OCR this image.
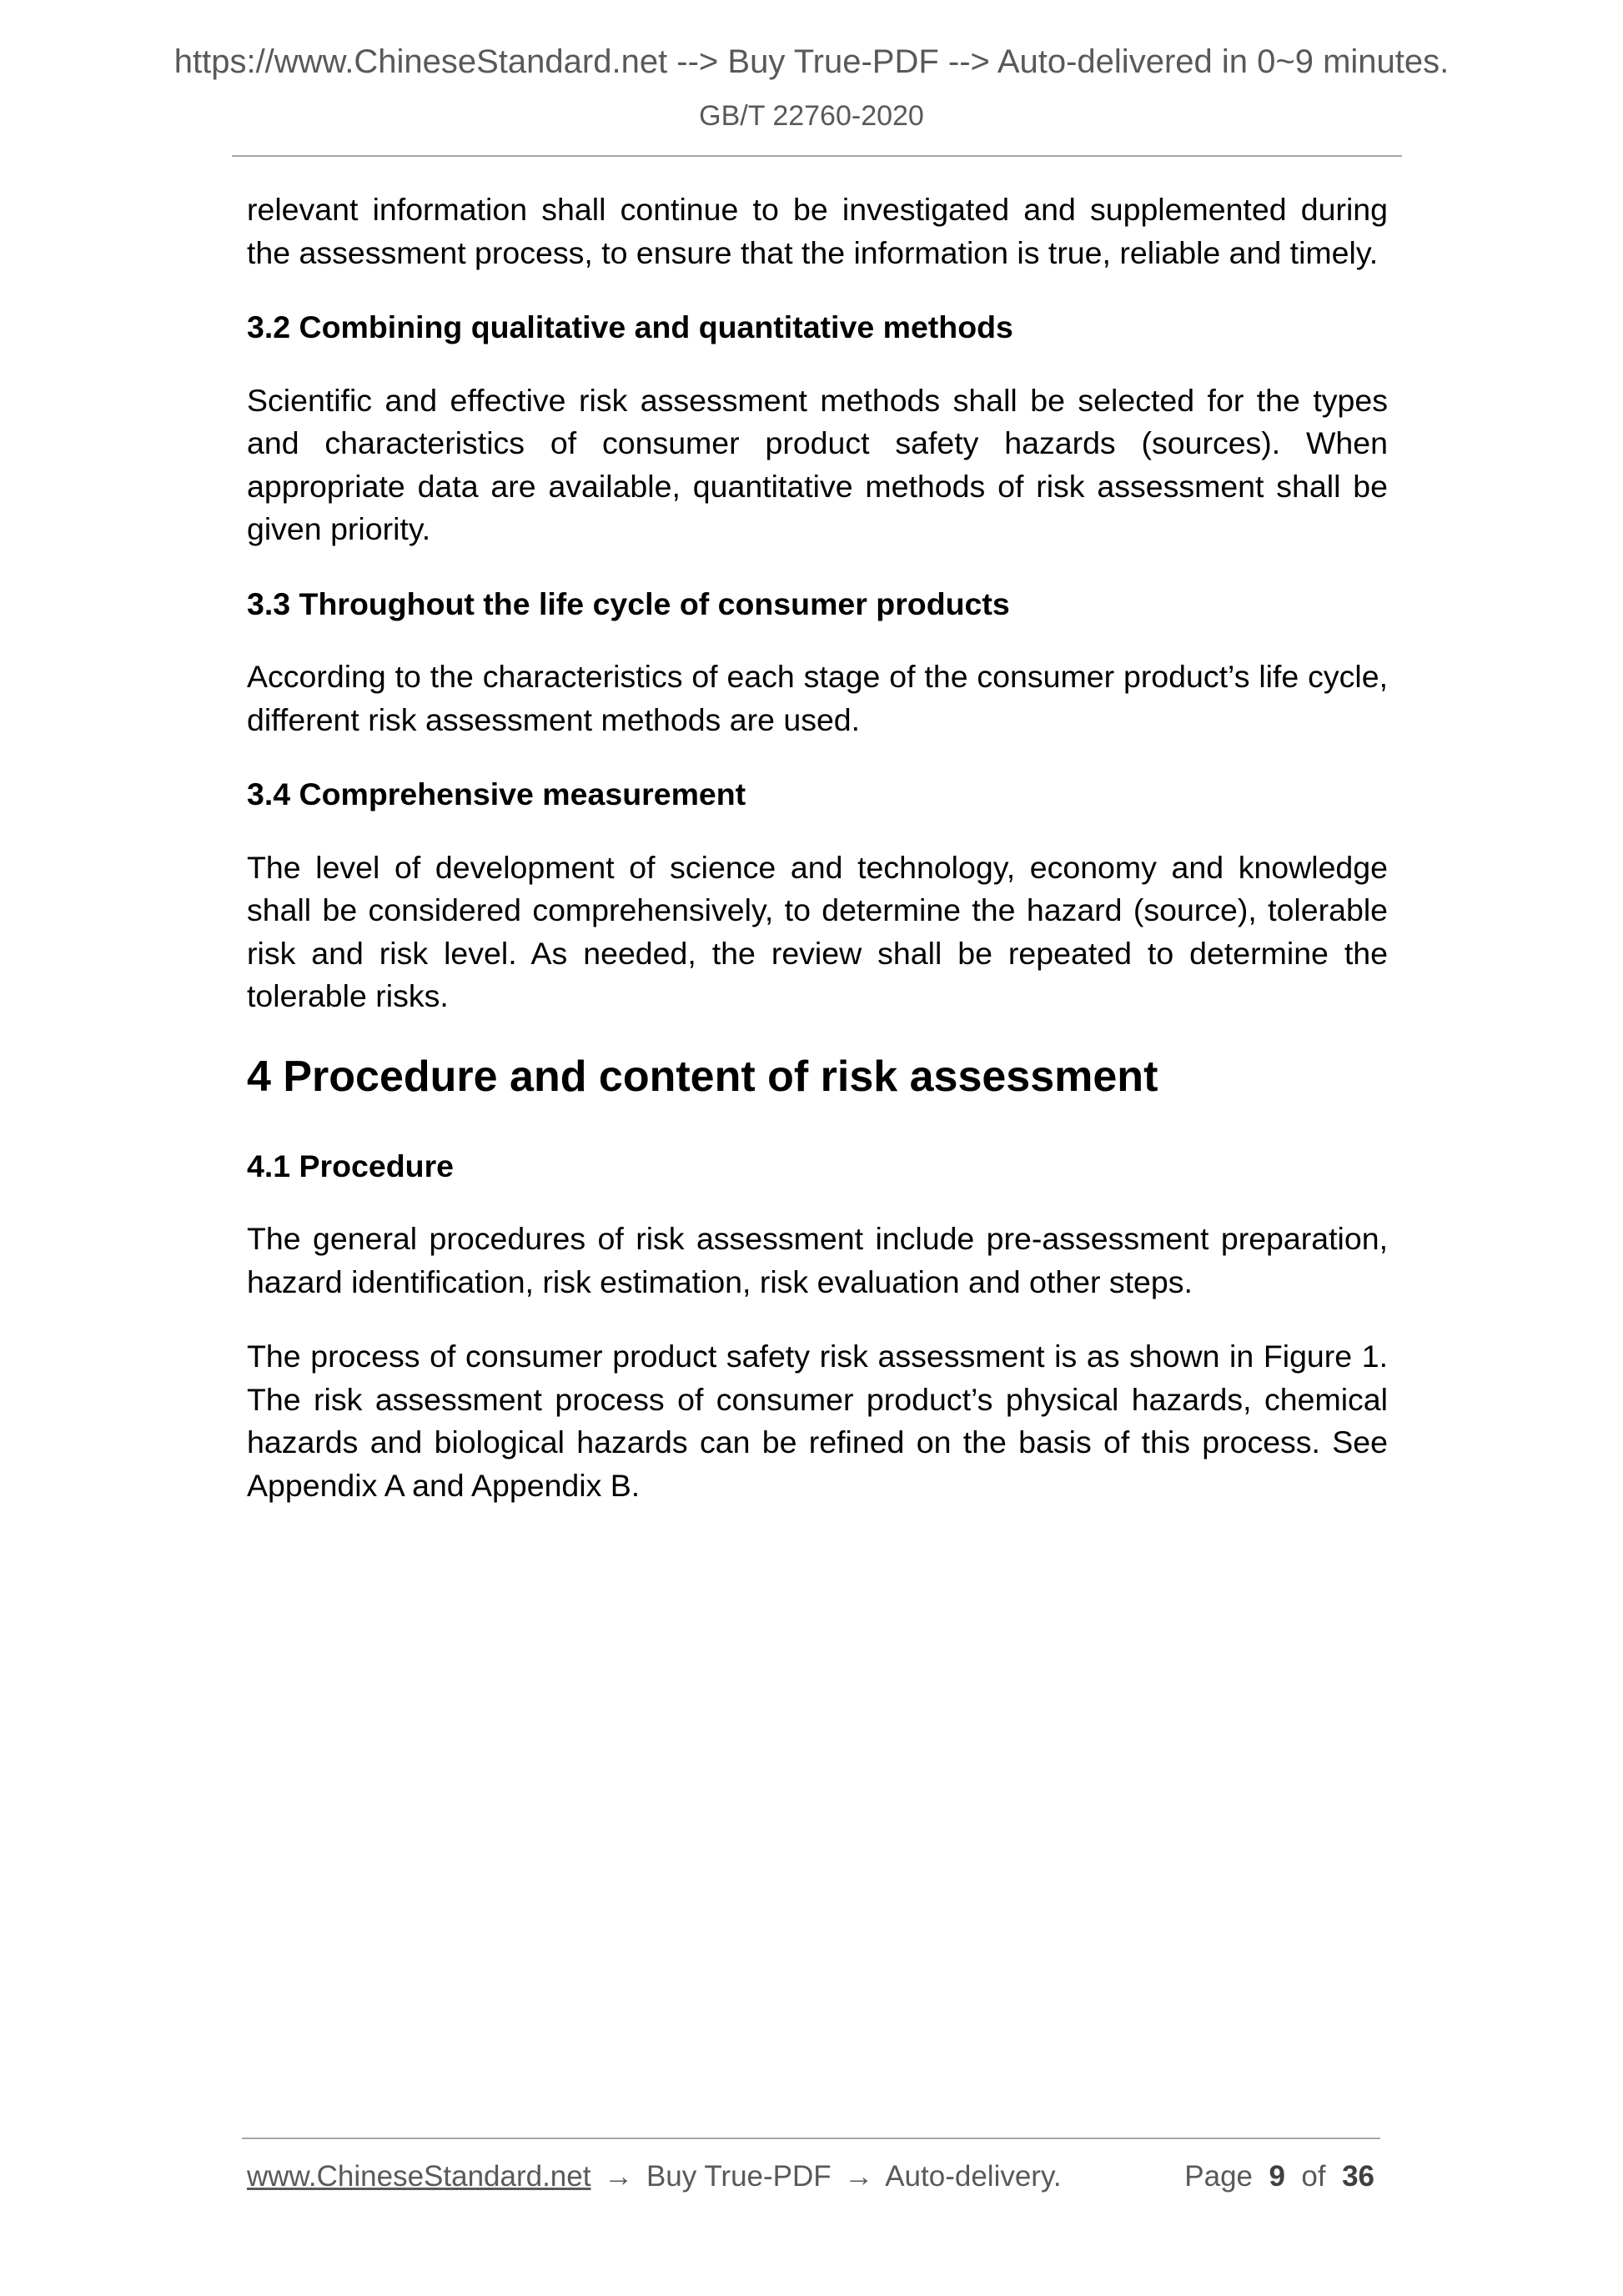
https://www.ChineseStandard.net --> Buy True-PDF --> Auto-delivered in 0~9 minutes.
GB/T 22760-2020

relevant information shall continue to be investigated and supplemented during the assessment process, to ensure that the information is true, reliable and timely.

3.2 Combining qualitative and quantitative methods

Scientific and effective risk assessment methods shall be selected for the types and characteristics of consumer product safety hazards (sources). When appropriate data are available, quantitative methods of risk assessment shall be given priority.

3.3 Throughout the life cycle of consumer products

According to the characteristics of each stage of the consumer product’s life cycle, different risk assessment methods are used.

3.4 Comprehensive measurement

The level of development of science and technology, economy and knowledge shall be considered comprehensively, to determine the hazard (source), tolerable risk and risk level. As needed, the review shall be repeated to determine the tolerable risks.

4 Procedure and content of risk assessment
4.1 Procedure

The general procedures of risk assessment include pre-assessment preparation, hazard identification, risk estimation, risk evaluation and other steps.

The process of consumer product safety risk assessment is as shown in Figure 1. The risk assessment process of consumer product’s physical hazards, chemical hazards and biological hazards can be refined on the basis of this process. See Appendix A and Appendix B.

www.ChineseStandard.net → Buy True-PDF → Auto-delivery.	Page 9 of 36
